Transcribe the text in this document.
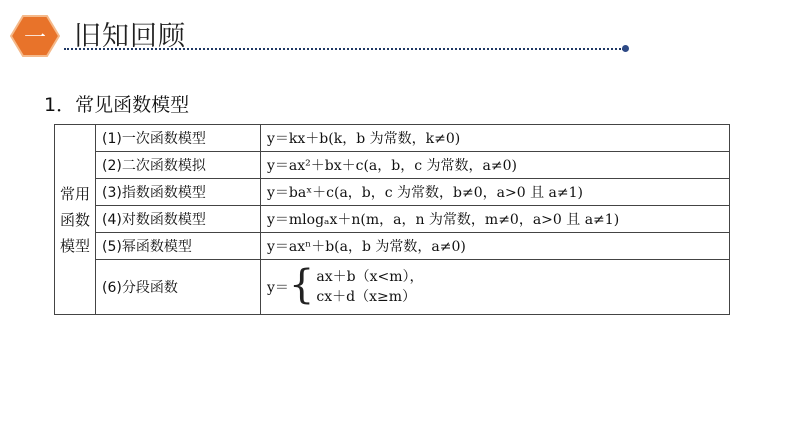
一	旧知回顾
1．常见函数模型
常用函数模型	(1)一次函数模型	y＝kx＋b(k，b 为常数，k≠0)
	(2)二次函数模拟	y＝ax²＋bx＋c(a，b，c 为常数，a≠0)
	(3)指数函数模型	y＝baˣ＋c(a，b，c 为常数，b≠0，a>0 且 a≠1)
	(4)对数函数模型	y＝mlogₐx＋n(m，a，n 为常数，m≠0，a>0 且 a≠1)
	(5)幂函数模型	y＝axⁿ＋b(a，b 为常数，a≠0)
	(6)分段函数	y＝ { ax＋b（x<m），
cx＋d（x≥m）
